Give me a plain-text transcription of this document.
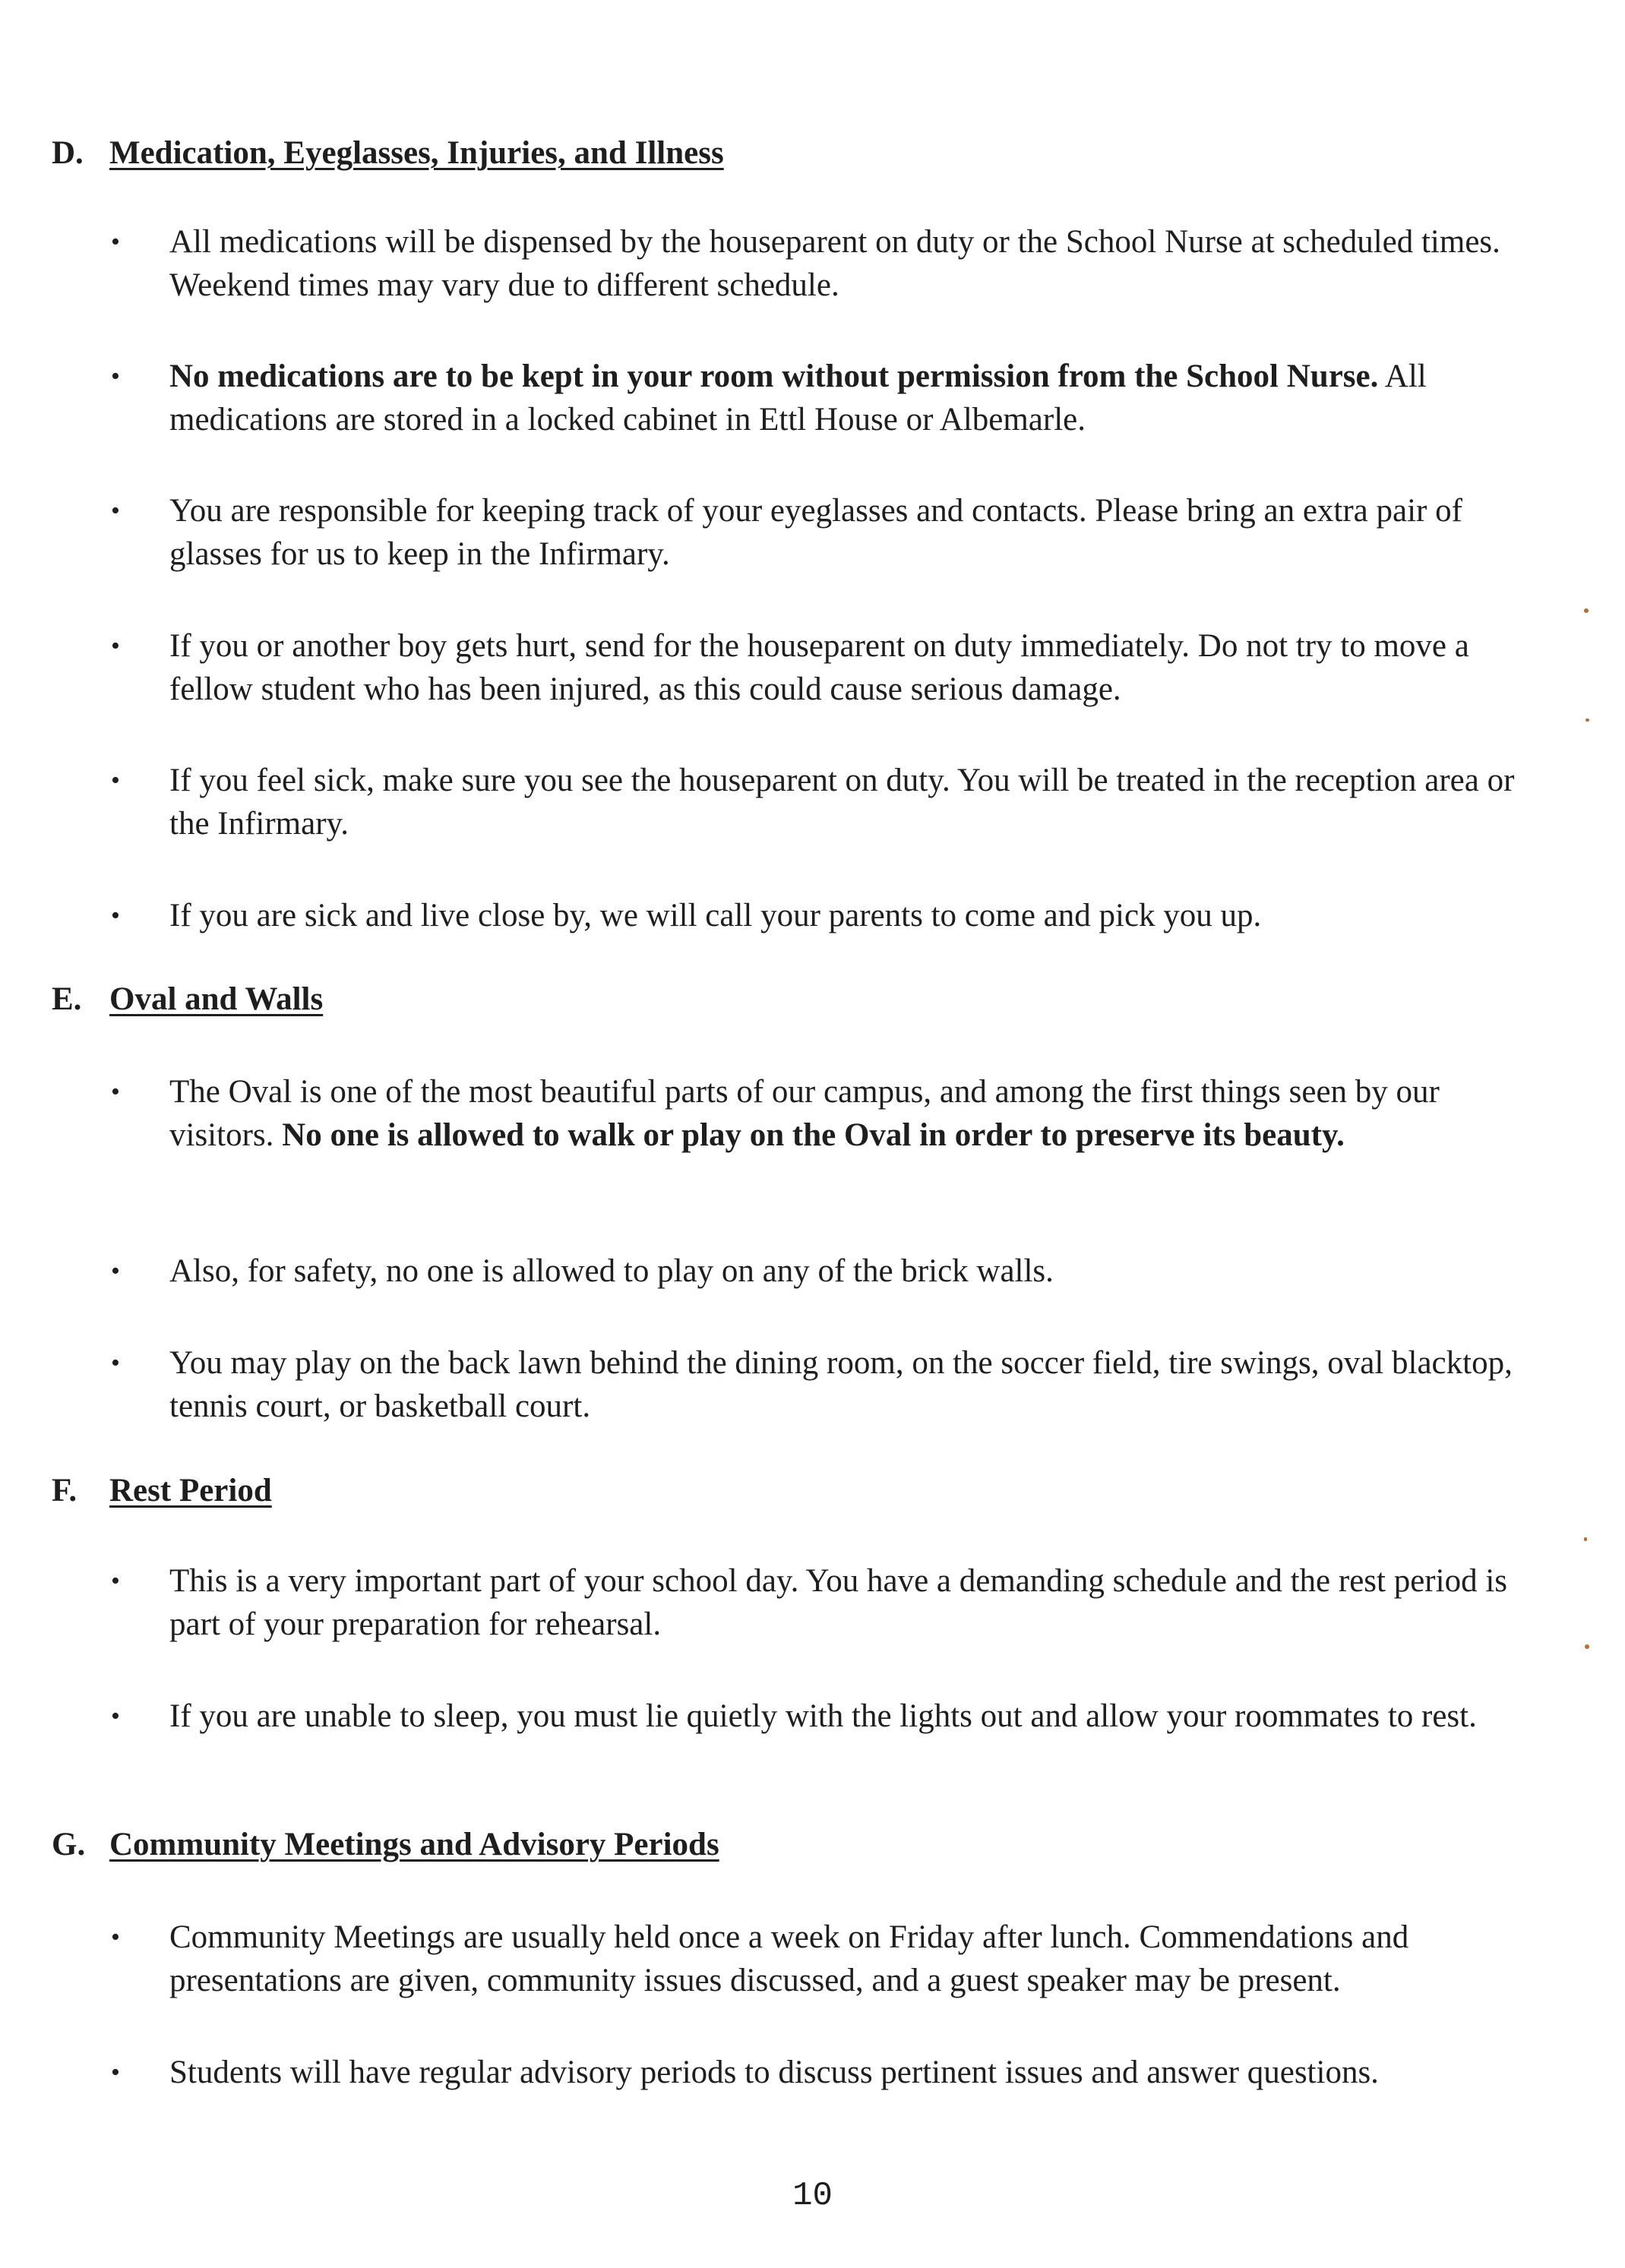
D. Medication, Eyeglasses, Injuries, and Illness
• All medications will be dispensed by the houseparent on duty or the School Nurse at scheduled times. Weekend times may vary due to different schedule.
• No medications are to be kept in your room without permission from the School Nurse. All medications are stored in a locked cabinet in Ettl House or Albemarle.
• You are responsible for keeping track of your eyeglasses and contacts. Please bring an extra pair of glasses for us to keep in the Infirmary.
• If you or another boy gets hurt, send for the houseparent on duty immediately. Do not try to move a fellow student who has been injured, as this could cause serious damage.
• If you feel sick, make sure you see the houseparent on duty. You will be treated in the reception area or the Infirmary.
• If you are sick and live close by, we will call your parents to come and pick you up.
E. Oval and Walls
• The Oval is one of the most beautiful parts of our campus, and among the first things seen by our visitors. No one is allowed to walk or play on the Oval in order to preserve its beauty.
• Also, for safety, no one is allowed to play on any of the brick walls.
• You may play on the back lawn behind the dining room, on the soccer field, tire swings, oval blacktop, tennis court, or basketball court.
F. Rest Period
• This is a very important part of your school day. You have a demanding schedule and the rest period is part of your preparation for rehearsal.
• If you are unable to sleep, you must lie quietly with the lights out and allow your roommates to rest.
G. Community Meetings and Advisory Periods
• Community Meetings are usually held once a week on Friday after lunch. Commendations and presentations are given, community issues discussed, and a guest speaker may be present.
• Students will have regular advisory periods to discuss pertinent issues and answer questions.
10
